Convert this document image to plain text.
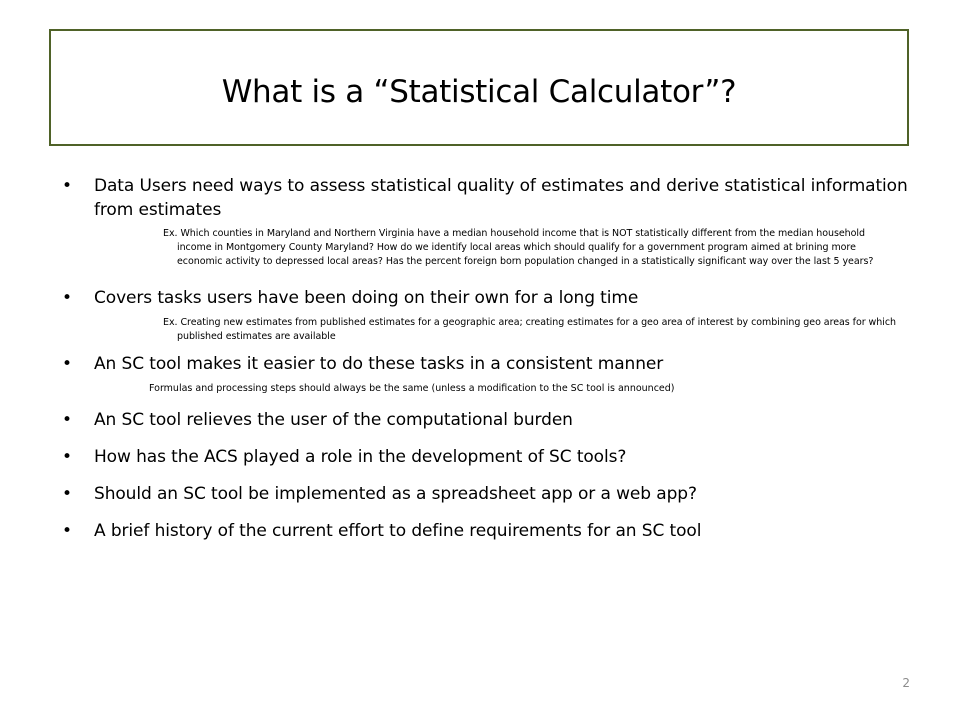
What is a “Statistical Calculator”?
• Data Users need ways to assess statistical quality of estimates and derive statistical information from estimates
Ex. Which counties in Maryland and Northern Virginia have a median household income that is NOT statistically different from the median household income in Montgomery County Maryland? How do we identify local areas which should qualify for a government program aimed at brining more economic activity to depressed local areas? Has the percent foreign born population changed in a statistically significant way over the last 5 years?
• Covers tasks users have been doing on their own for a long time
Ex. Creating new estimates from published estimates for a geographic area; creating estimates for a geo area of interest by combining geo areas for which published estimates are available
• An SC tool makes it easier to do these tasks in a consistent manner
Formulas and processing steps should always be the same (unless a modification to the SC tool is announced)
• An SC tool relieves the user of the computational burden
• How has the ACS played a role in the development of SC tools?
• Should an SC tool be implemented as a spreadsheet app or a web app?
• A brief history of the current effort to define requirements for an SC tool
2
